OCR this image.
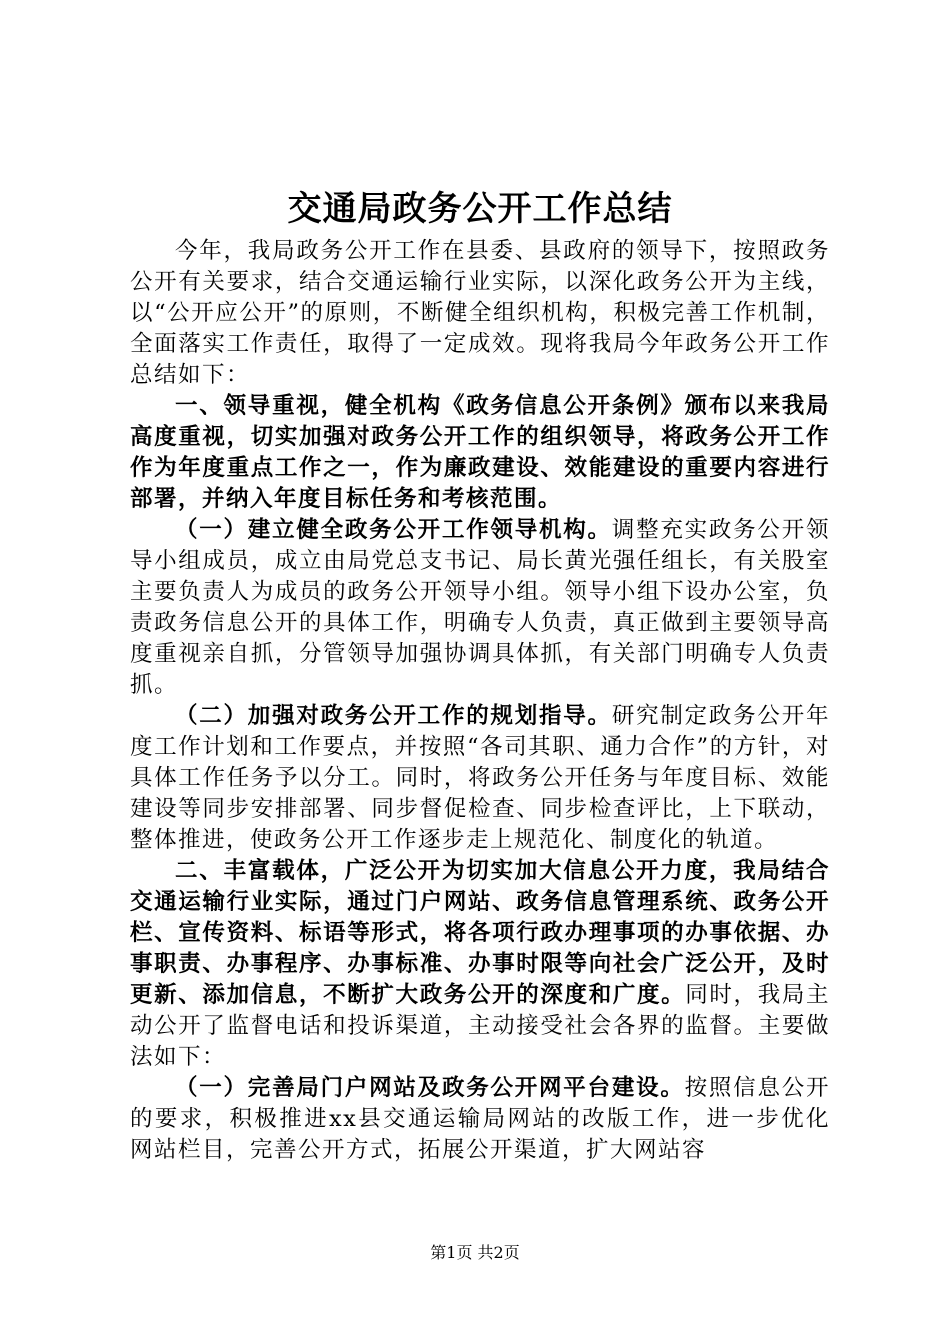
交通局政务公开工作总结

今年，我局政务公开工作在县委、县政府的领导下，按照政务公开有关要求，结合交通运输行业实际，以深化政务公开为主线，以“公开应公开”的原则，不断健全组织机构，积极完善工作机制，全面落实工作责任，取得了一定成效。现将我局今年政务公开工作总结如下：

一、领导重视，健全机构《政务信息公开条例》颁布以来我局高度重视，切实加强对政务公开工作的组织领导，将政务公开工作作为年度重点工作之一，作为廉政建设、效能建设的重要内容进行部署，并纳入年度目标任务和考核范围。

（一）建立健全政务公开工作领导机构。调整充实政务公开领导小组成员，成立由局党总支书记、局长黄光强任组长，有关股室主要负责人为成员的政务公开领导小组。领导小组下设办公室，负责政务信息公开的具体工作，明确专人负责，真正做到主要领导高度重视亲自抓，分管领导加强协调具体抓，有关部门明确专人负责抓。

（二）加强对政务公开工作的规划指导。研究制定政务公开年度工作计划和工作要点，并按照“各司其职、通力合作”的方针，对具体工作任务予以分工。同时，将政务公开任务与年度目标、效能建设等同步安排部署、同步督促检查、同步检查评比，上下联动，整体推进，使政务公开工作逐步走上规范化、制度化的轨道。

二、丰富载体，广泛公开为切实加大信息公开力度，我局结合交通运输行业实际，通过门户网站、政务信息管理系统、政务公开栏、宣传资料、标语等形式，将各项行政办理事项的办事依据、办事职责、办事程序、办事标准、办事时限等向社会广泛公开，及时更新、添加信息，不断扩大政务公开的深度和广度。同时，我局主动公开了监督电话和投诉渠道，主动接受社会各界的监督。主要做法如下：

（一）完善局门户网站及政务公开网平台建设。按照信息公开的要求，积极推进xx县交通运输局网站的改版工作，进一步优化网站栏目，完善公开方式，拓展公开渠道，扩大网站容

第1页 共2页
